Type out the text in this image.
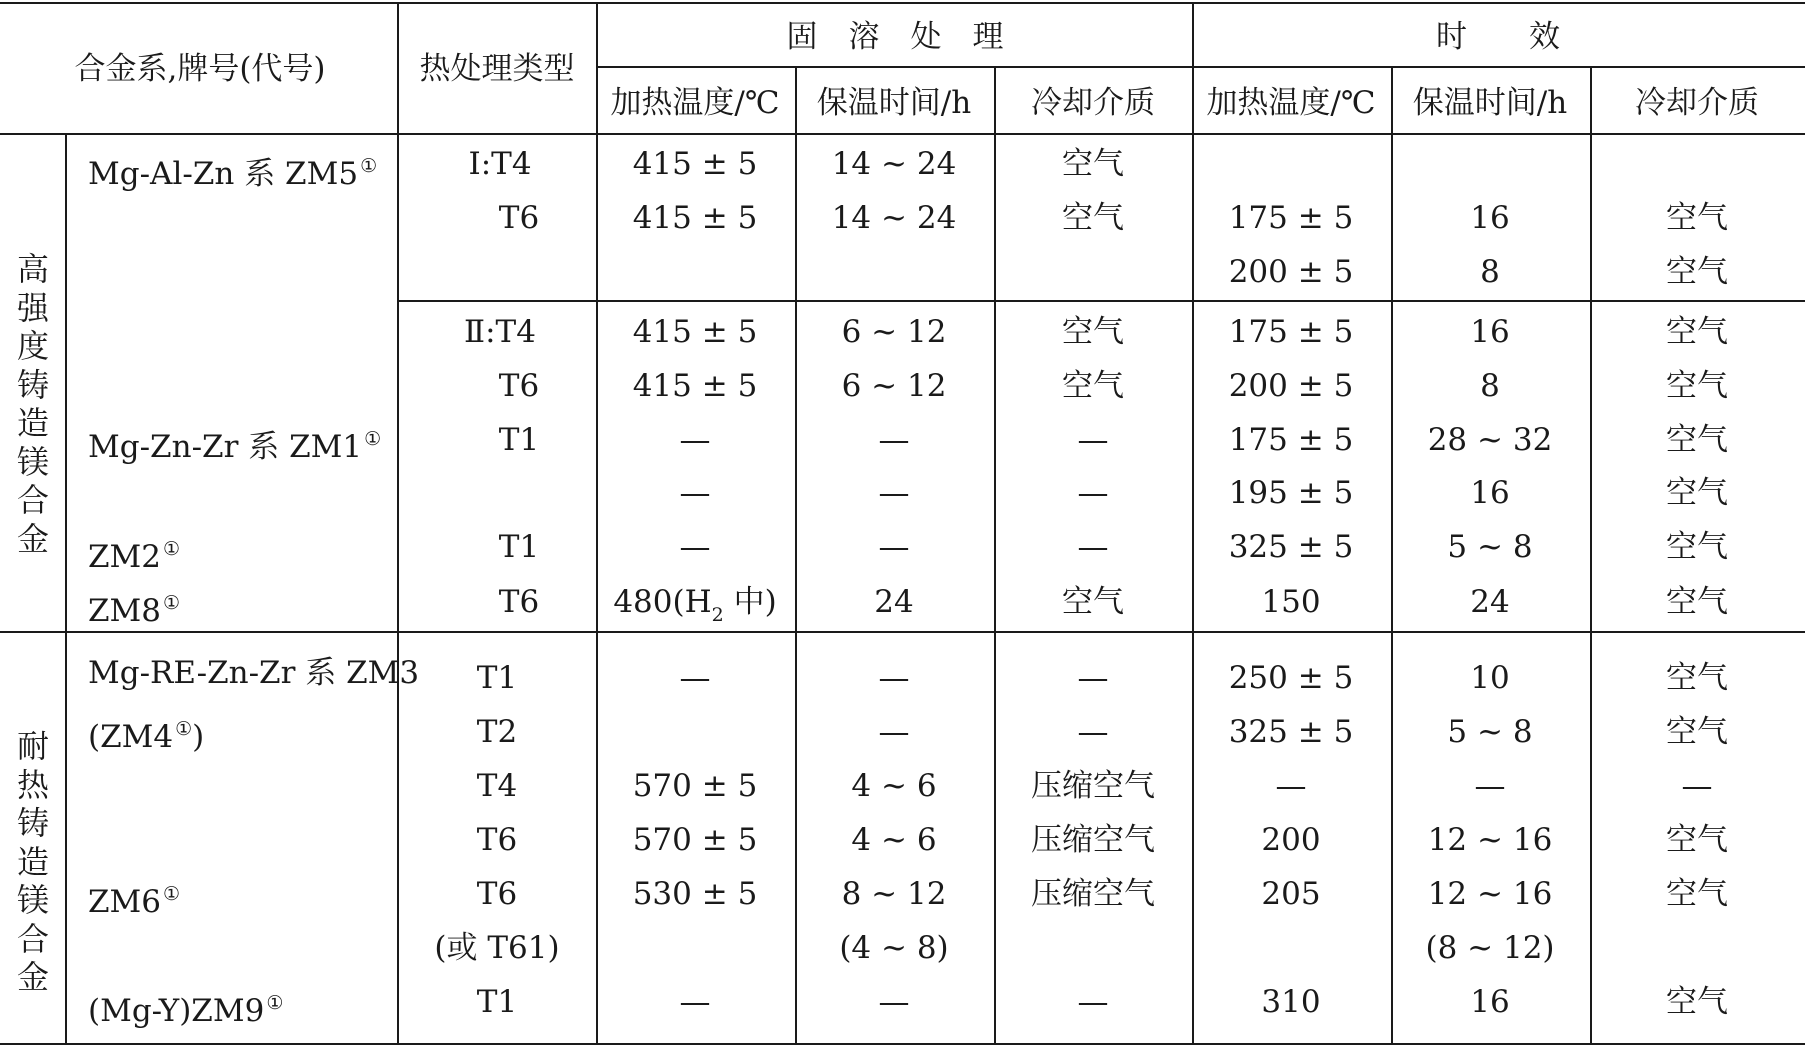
合金系,牌号(代号)	热处理类型
固　溶　处　理	时　　效
加热温度/℃ 保温时间/h 冷却介质 加热温度/℃ 保温时间/h 冷却介质
高强度铸造镁合金
耐热铸造镁合金
Mg-Al-Zn 系 ZM5 ①
Mg-Zn-Zr 系 ZM1 ①
ZM2 ①
ZM8 ①
Mg-RE-Zn-Zr 系 ZM3
(ZM4 ①)
ZM6 ①
(Mg-Y)ZM9 ①
Ⅰ:T4
T6
Ⅱ:T4
T6
T1
T1
T6
T1
T2
T4
T6
T6
(或 T61)
T1
415 ± 5
415 ± 5
415 ± 5
415 ± 5
—
—
—
$480(H_2$ 中)
—
570 ± 5
570 ± 5
530 ± 5
—
14 ~ 24
14 ~ 24
6 ~ 12
6 ~ 12
—
—
—
24
—
—
4 ~ 6
4 ~ 6
8 ~ 12
(4 ~ 8)
—
空气
空气
空气
空气
—
—
—
空气
—
—
压缩空气
压缩空气
压缩空气
—
175 ± 5
200 ± 5
175 ± 5
200 ± 5
175 ± 5
195 ± 5
325 ± 5
150
250 ± 5
325 ± 5
—
200
205
310
16
8
16
8
28 ~ 32
16
5 ~ 8
24
10
5 ~ 8
—
12 ~ 16
12 ~ 16
(8 ~ 12)
16
空气
空气
空气
空气
空气
空气
空气
空气
空气
空气
—
空气
空气
空气
